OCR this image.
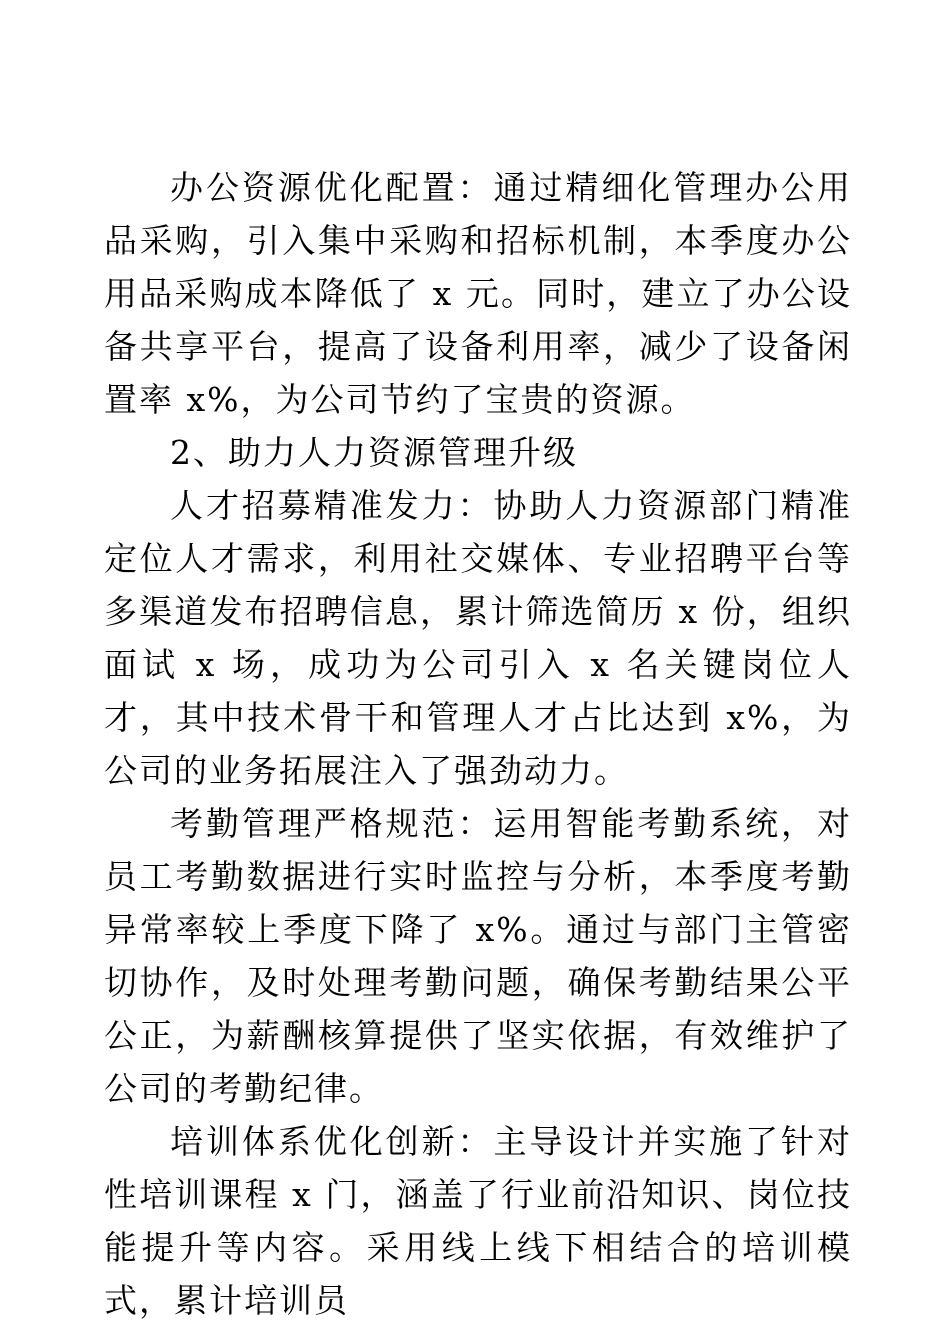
办公资源优化配置：通过精细化管理办公用品采购，引入集中采购和招标机制，本季度办公用品采购成本降低了 x 元。同时，建立了办公设备共享平台，提高了设备利用率，减少了设备闲置率 x%，为公司节约了宝贵的资源。

2、助力人力资源管理升级

人才招募精准发力：协助人力资源部门精准定位人才需求，利用社交媒体、专业招聘平台等多渠道发布招聘信息，累计筛选简历 x 份，组织面试 x 场，成功为公司引入 x 名关键岗位人才，其中技术骨干和管理人才占比达到 x%，为公司的业务拓展注入了强劲动力。

考勤管理严格规范：运用智能考勤系统，对员工考勤数据进行实时监控与分析，本季度考勤异常率较上季度下降了 x%。通过与部门主管密切协作，及时处理考勤问题，确保考勤结果公平公正，为薪酬核算提供了坚实依据，有效维护了公司的考勤纪律。

培训体系优化创新：主导设计并实施了针对性培训课程 x 门，涵盖了行业前沿知识、岗位技能提升等内容。采用线上线下相结合的培训模式，累计培训员
